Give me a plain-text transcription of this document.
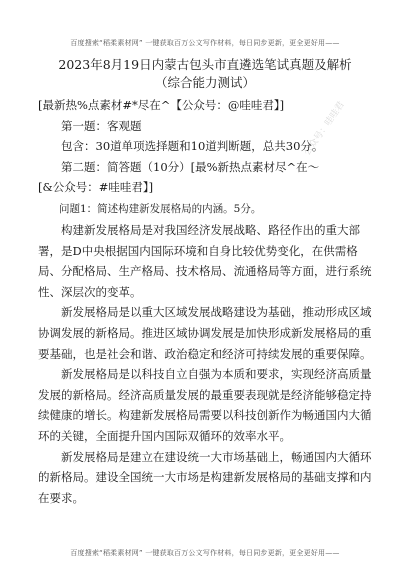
百度搜索“稻柔素材网” 一键获取百万公文写作材料，每日同步更新，更全更好用——
公众号：哇哇君

2023年8月19日内蒙古包头市直遴选笔试真题及解析

（综合能力测试）

[最新热%点素材#*尽在^【公众号：@哇哇君】]

第一题：客观题

包含：30道单项选择题和10道判断题，总共30分。

第二题：简答题（10分）[最%新热点素材尽^在～

[&公众号：#哇哇君】]

问题1：简述构建新发展格局的内涵。5分。

构建新发展格局是对我国经济发展战略、路径作出的重大部署，是D中央根据国内国际环境和自身比较优势变化，在供需格局、分配格局、生产格局、技术格局、流通格局等方面，进行系统性、深层次的变革。

新发展格局是以重大区域发展战略建设为基础，推动形成区域协调发展的新格局。推进区域协调发展是加快形成新发展格局的重要基础，也是社会和谐、政治稳定和经济可持续发展的重要保障。

新发展格局是以科技自立自强为本质和要求，实现经济高质量发展的新格局。经济高质量发展的最重要表现就是经济能够稳定持续健康的增长。构建新发展格局需要以科技创新作为畅通国内大循环的关键，全面提升国内国际双循环的效率水平。

新发展格局是建立在建设统一大市场基础上，畅通国内大循环的新格局。建设全国统一大市场是构建新发展格局的基础支撑和内在要求。

百度搜索“稻柔素材网” 一键获取百万公文写作材料，每日同步更新，更全更好用——
